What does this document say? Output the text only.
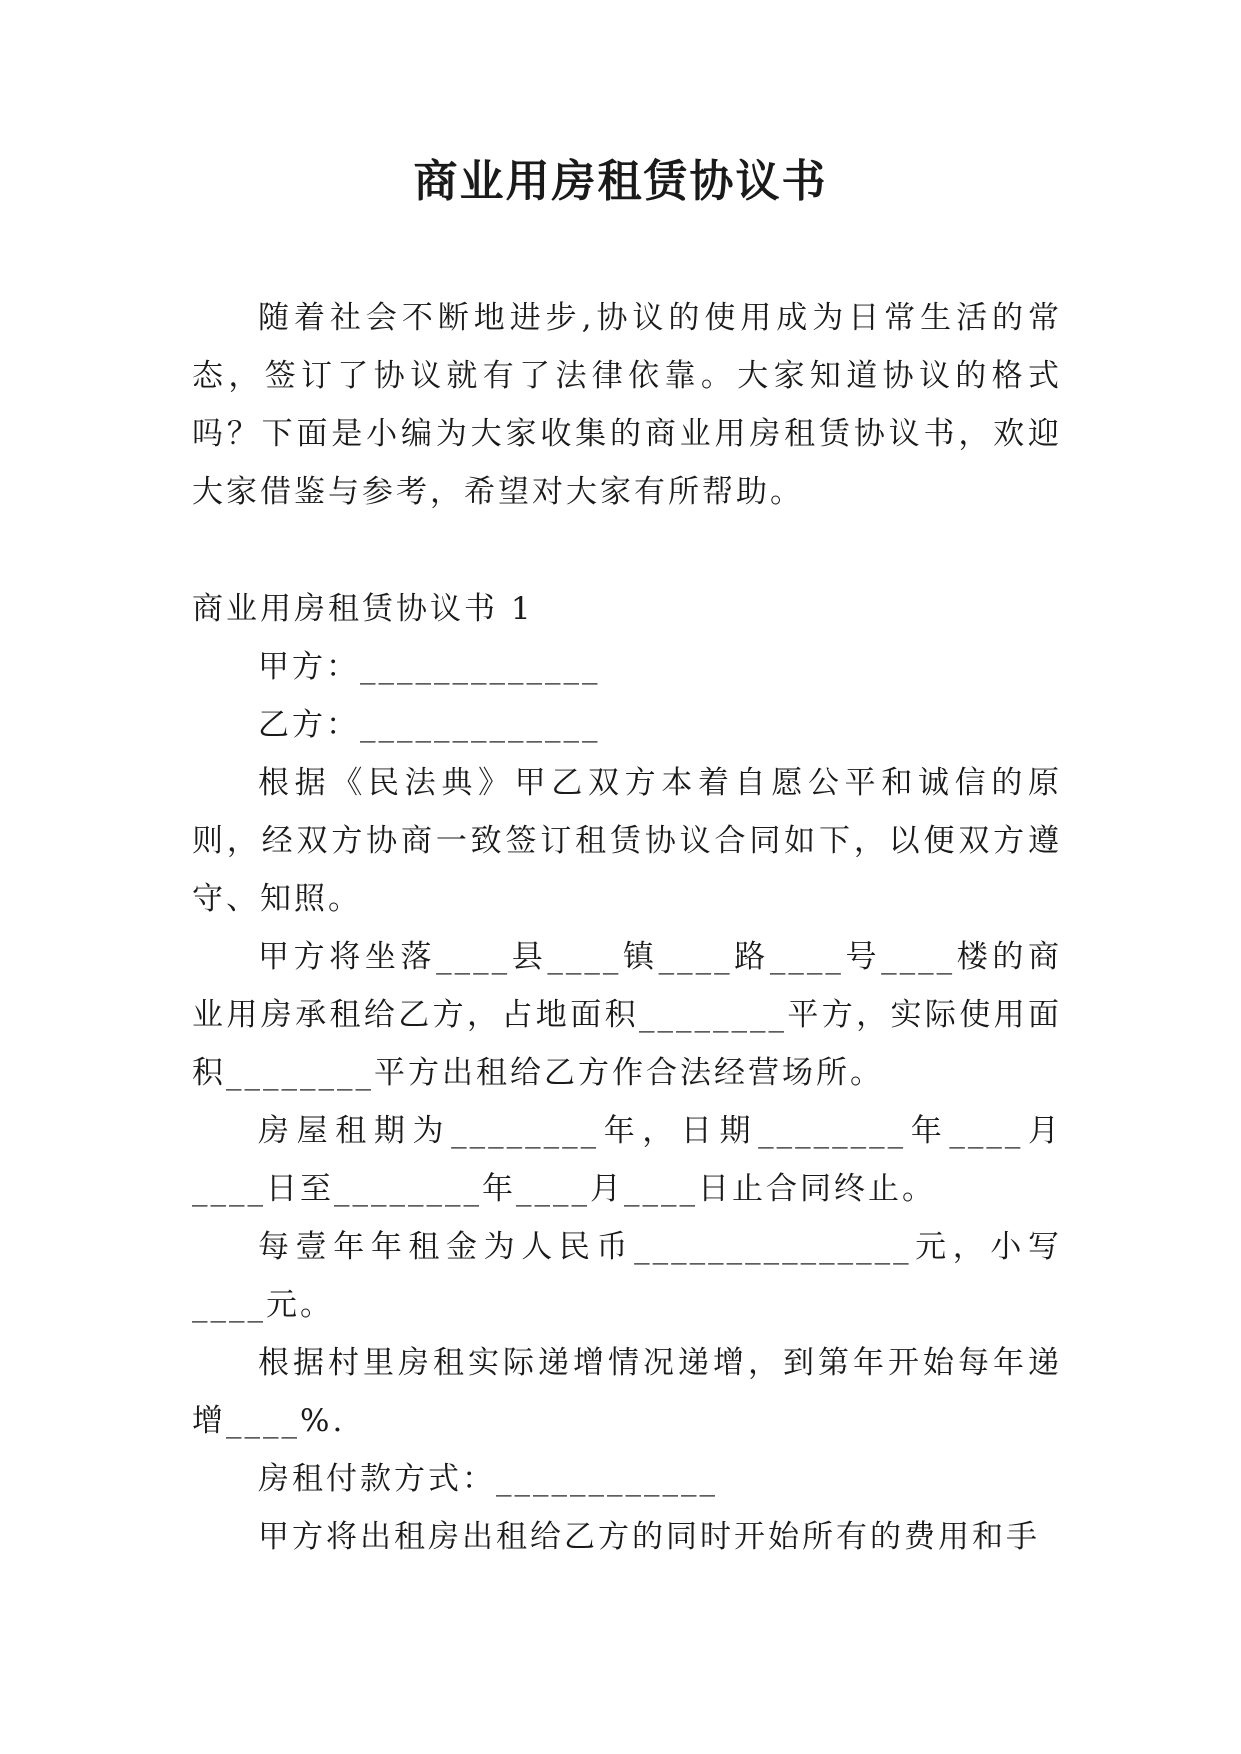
商业用房租赁协议书

随着社会不断地进步,协议的使用成为日常生活的常态，签订了协议就有了法律依靠。大家知道协议的格式吗？下面是小编为大家收集的商业用房租赁协议书，欢迎大家借鉴与参考，希望对大家有所帮助。

商业用房租赁协议书 1

甲方：_____________

乙方：_____________

根据《民法典》甲乙双方本着自愿公平和诚信的原则，经双方协商一致签订租赁协议合同如下，以便双方遵守、知照。

甲方将坐落____县____镇____路____号____楼的商业用房承租给乙方，占地面积________平方，实际使用面积________平方出租给乙方作合法经营场所。

房屋租期为________年，日期________年____月____日至________年____月____日止合同终止。

每壹年年租金为人民币_______________元，小写____元。

根据村里房租实际递增情况递增，到第年开始每年递增____%.

房租付款方式：____________

甲方将出租房出租给乙方的同时开始所有的费用和手
